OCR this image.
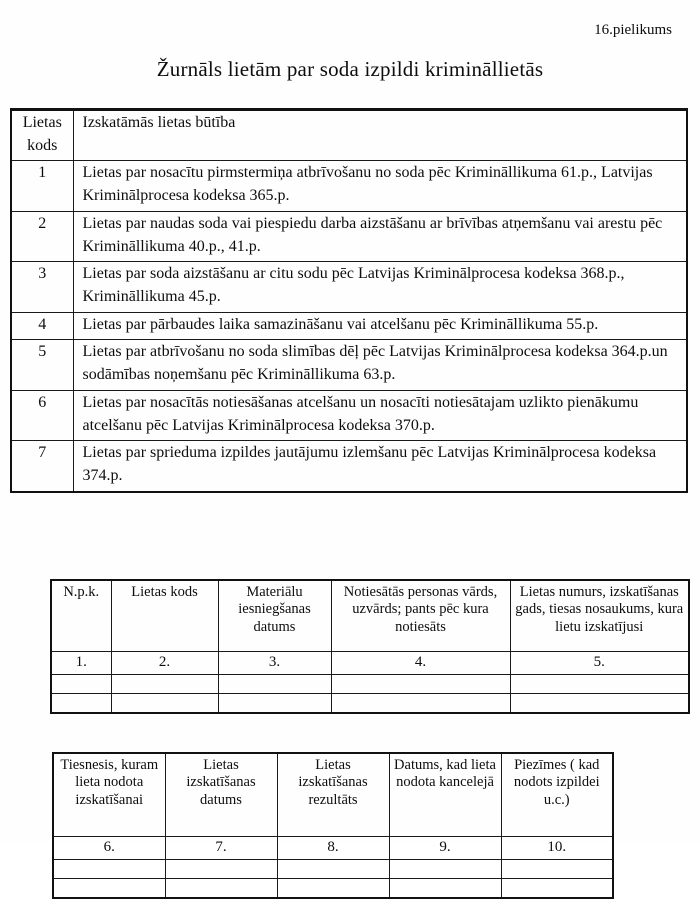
16.pielikums
Žurnāls lietām par soda izpildi krimināllietās
Lietas kods	Izskatāmās lietas būtība
1	Lietas par nosacītu pirmstermiņa atbrīvošanu no soda pēc Krimināllikuma 61.p., Latvijas Kriminālprocesa kodeksa 365.p.
2	Lietas par naudas soda vai piespiedu darba aizstāšanu ar brīvības atņemšanu vai arestu pēc Krimināllikuma 40.p., 41.p.
3	Lietas par soda aizstāšanu ar citu sodu pēc Latvijas Kriminālprocesa kodeksa 368.p., Krimināllikuma 45.p.
4	Lietas par pārbaudes laika samazināšanu vai atcelšanu pēc Krimināllikuma 55.p.
5	Lietas par atbrīvošanu no soda slimības dēļ pēc Latvijas Kriminālprocesa kodeksa 364.p.un sodāmības noņemšanu pēc Krimināllikuma 63.p.
6	Lietas par nosacītās notiesāšanas atcelšanu un nosacīti notiesātajam uzlikto pienākumu atcelšanu pēc Latvijas Kriminālprocesa kodeksa 370.p.
7	Lietas par sprieduma izpildes jautājumu izlemšanu pēc Latvijas Kriminālprocesa kodeksa 374.p.
N.p.k.	Lietas kods	Materiālu iesniegšanas datums	Notiesātās personas vārds, uzvārds; pants pēc kura notiesāts	Lietas numurs, izskatīšanas gads, tiesas nosaukums, kura lietu izskatījusi
1.	2.	3.	4.	5.

Tiesnesis, kuram lieta nodota izskatīšanai	Lietas izskatīšanas datums	Lietas izskatīšanas rezultāts	Datums, kad lieta nodota kancelejā	Piezīmes ( kad nodots izpildei u.c.)
6.	7.	8.	9.	10.
